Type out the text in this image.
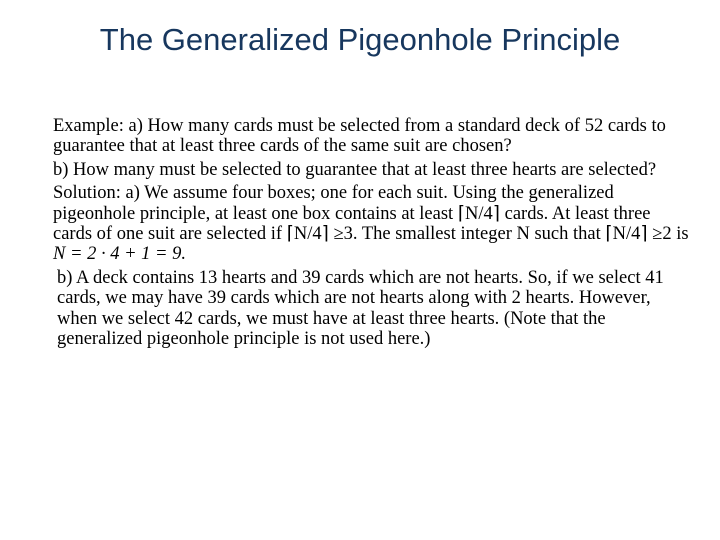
The Generalized Pigeonhole Principle

Example: a) How many cards must be selected from a standard deck of 52 cards to guarantee that at least three cards of the same suit are chosen?

b) How many must be selected to guarantee that at least three hearts are selected?

Solution: a) We assume four boxes; one for each suit. Using the generalized pigeonhole principle, at least one box contains at least ⌈N/4⌉ cards. At least three cards of one suit are selected if ⌈N/4⌉ ≥3. The smallest integer N such that ⌈N/4⌉ ≥2 is
N = 2 · 4 + 1 = 9.

b) A deck contains 13 hearts and 39 cards which are not hearts. So, if we select 41 cards, we may have 39 cards which are not hearts along with 2 hearts. However, when we select 42 cards, we must have at least three hearts. (Note that the generalized pigeonhole principle is not used here.)
